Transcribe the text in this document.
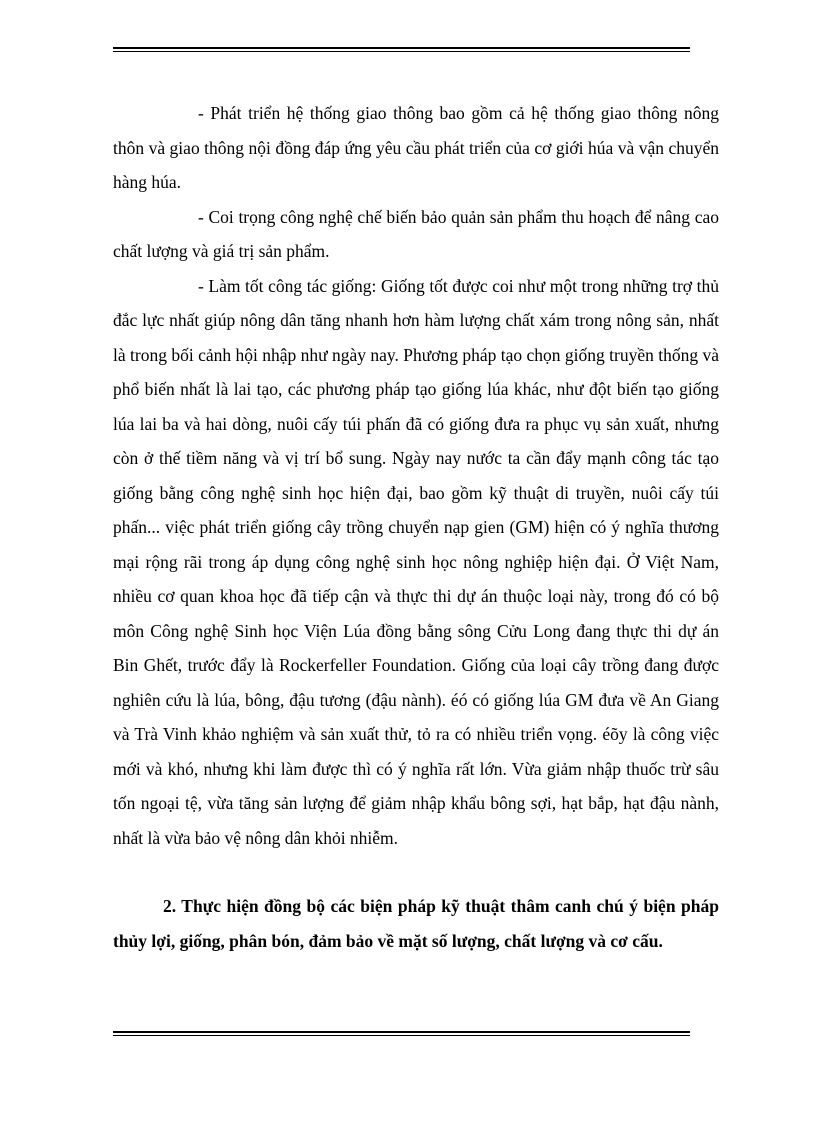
- Phát triển hệ thống giao thông bao gồm cả hệ thống giao thông nông thôn và giao thông nội đồng đáp ứng yêu cầu phát triển của cơ giới húa và vận chuyển hàng húa.

- Coi trọng công nghệ chế biến bảo quản sản phẩm thu hoạch để nâng cao chất lượng và giá trị sản phẩm.

- Làm tốt công tác giống: Giống tốt được coi như một trong những trợ thủ đắc lực nhất giúp nông dân tăng nhanh hơn hàm lượng chất xám trong nông sản, nhất là trong bối cảnh hội nhập như ngày nay. Phương pháp tạo chọn giống truyền thống và phổ biến nhất là lai tạo, các phương pháp tạo giống lúa khác, như đột biến tạo giống lúa lai ba và hai dòng, nuôi cấy túi phấn đã có giống đưa ra phục vụ sản xuất, nhưng còn ở thế tiềm năng và vị trí bổ sung. Ngày nay nước ta cần đẩy mạnh công tác tạo giống bằng công nghệ sinh học hiện đại, bao gồm kỹ thuật di truyền, nuôi cấy túi phấn... việc phát triển giống cây trồng chuyển nạp gien (GM) hiện có ý nghĩa thương mại rộng rãi trong áp dụng công nghệ sinh học nông nghiệp hiện đại. Ở Việt Nam, nhiều cơ quan khoa học đã tiếp cận và thực thi dự án thuộc loại này, trong đó có bộ môn Công nghệ Sinh học Viện Lúa đồng bằng sông Cửu Long đang thực thi dự án Bin Ghết, trước đẩy là Rockerfeller Foundation. Giống của loại cây trồng đang được nghiên cứu là lúa, bông, đậu tương (đậu nành). éó có giống lúa GM đưa về An Giang và Trà Vinh khảo nghiệm và sản xuất thử, tỏ ra có nhiều triển vọng. éõy là công việc mới và khó, nhưng khi làm được thì có ý nghĩa rất lớn. Vừa giảm nhập thuốc trừ sâu tốn ngoại tệ, vừa tăng sản lượng để giảm nhập khẩu bông sợi, hạt bắp, hạt đậu nành, nhất là vừa bảo vệ nông dân khỏi nhiễm.

2. Thực hiện đồng bộ các biện pháp kỹ thuật thâm canh chú ý biện pháp thủy lợi, giống, phân bón, đảm bảo về mặt số lượng, chất lượng và cơ cấu.
